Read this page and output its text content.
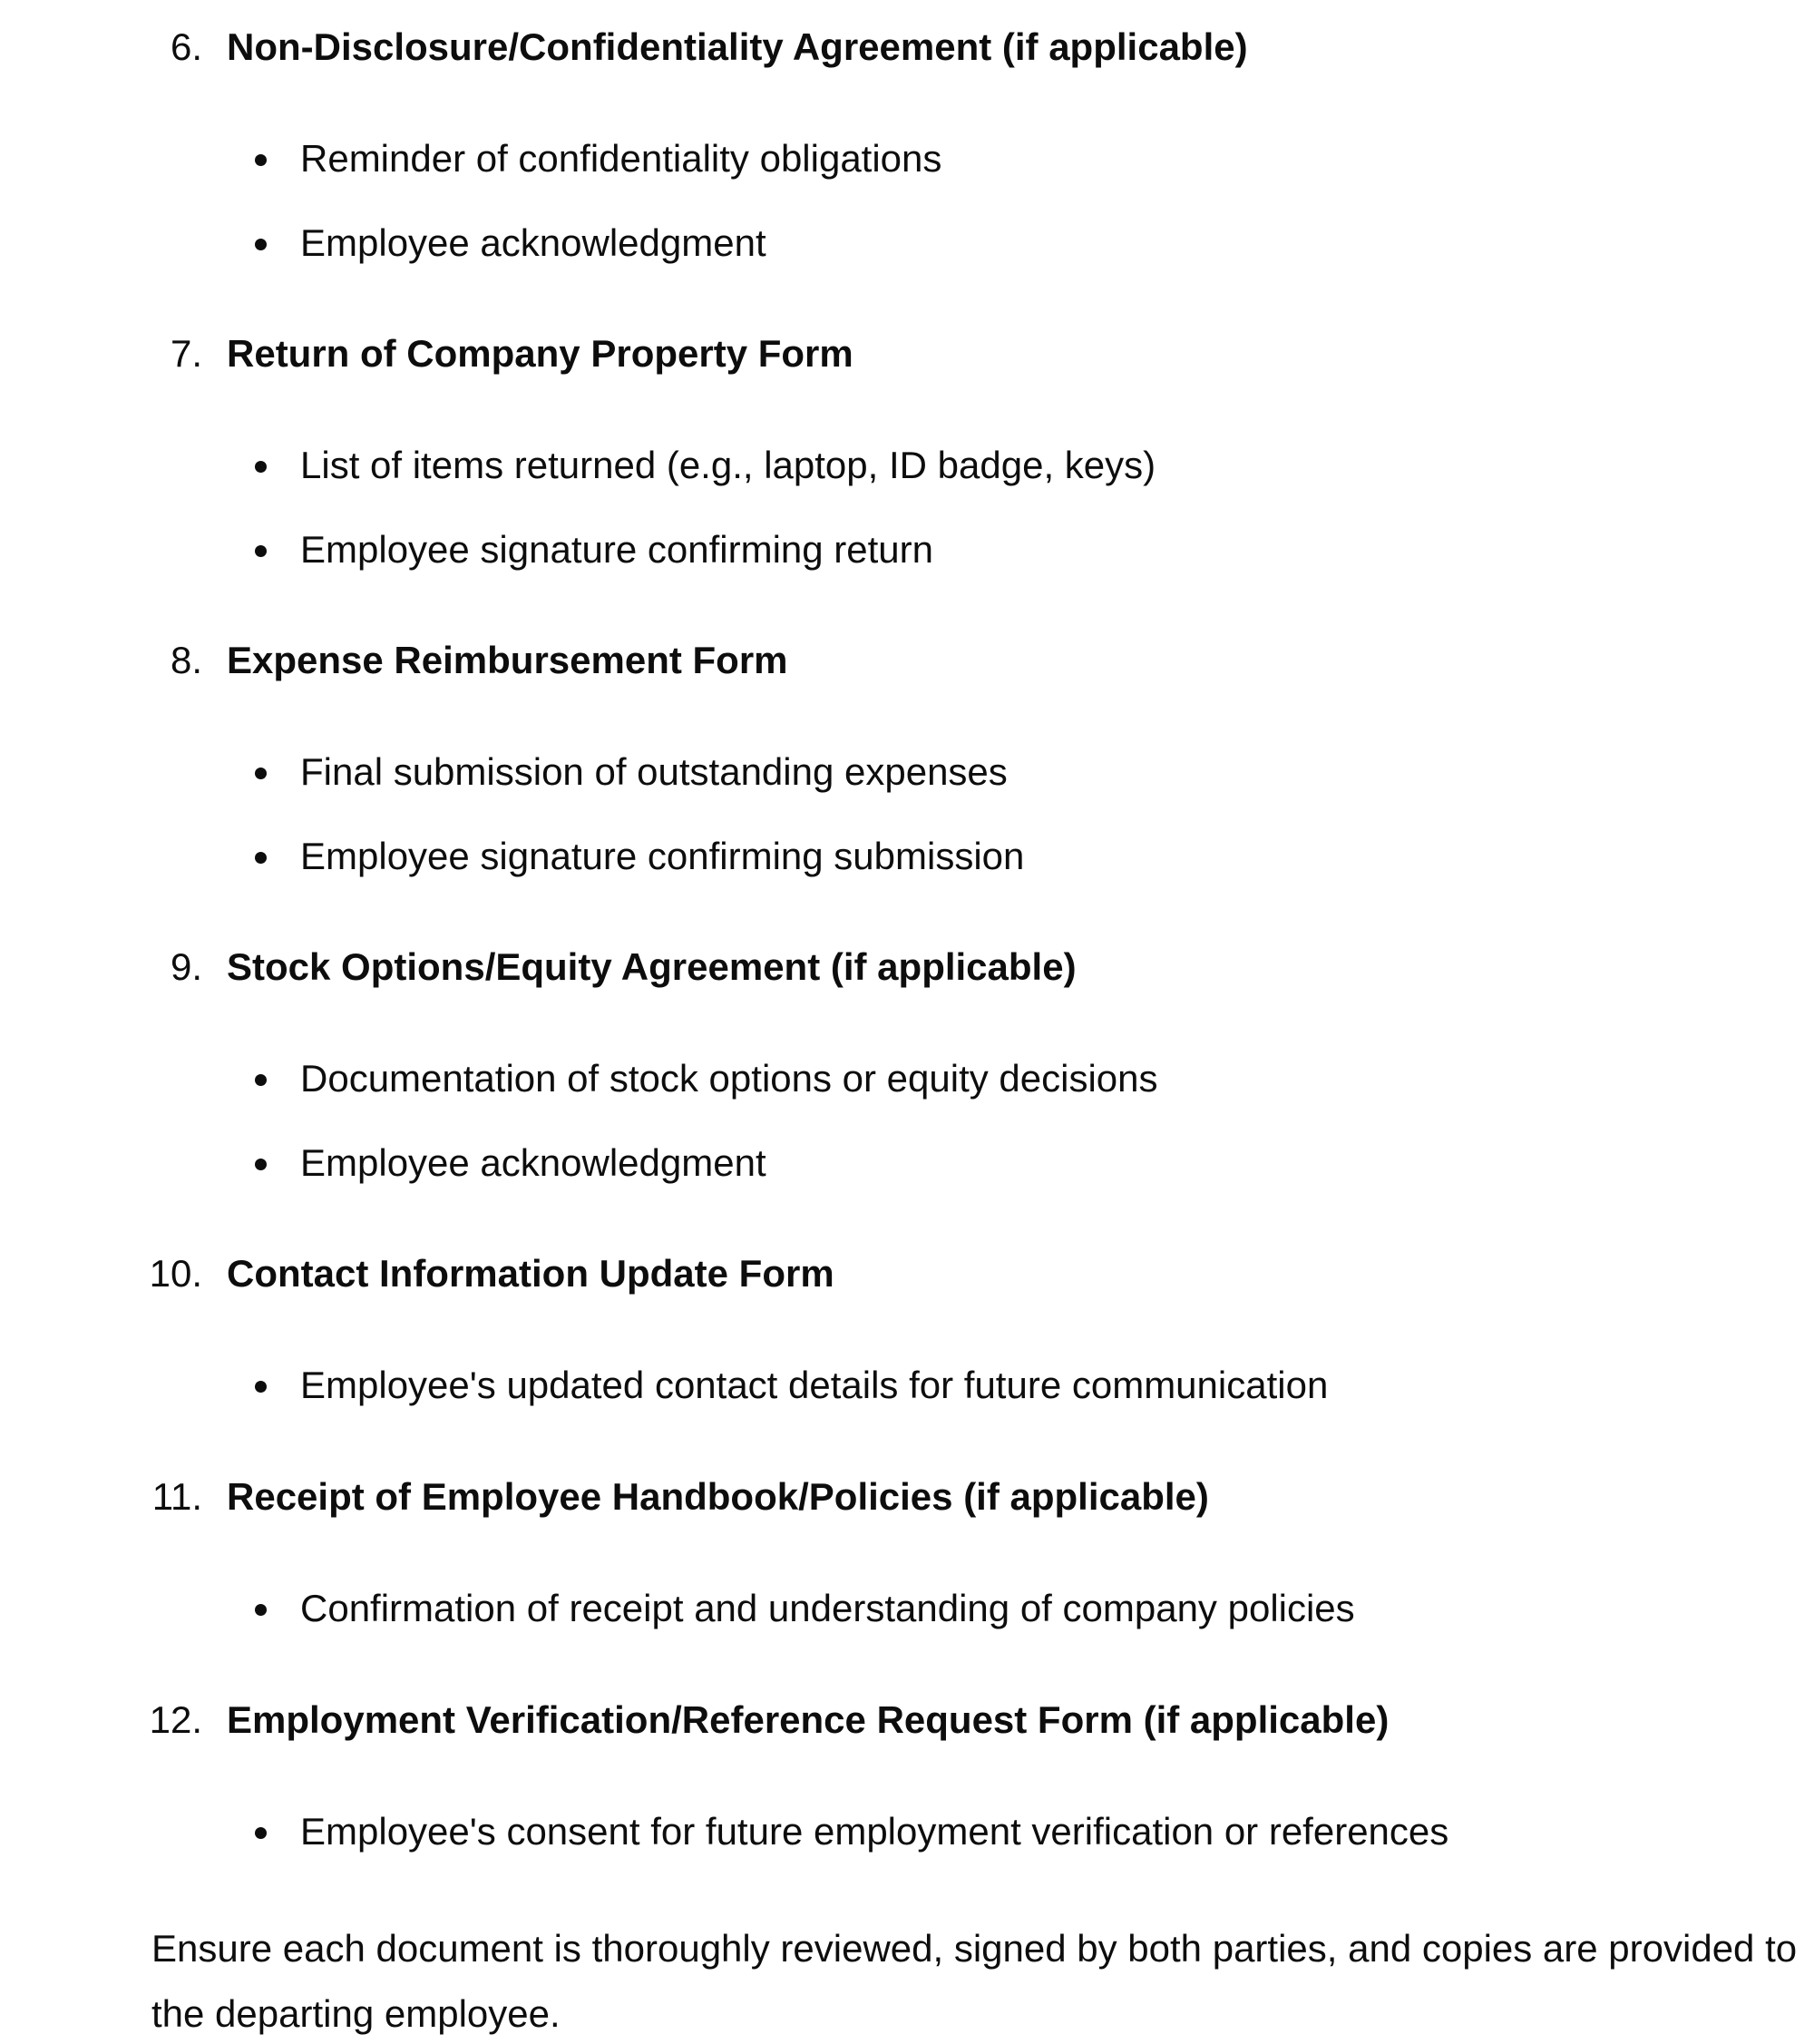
6. Non-Disclosure/Confidentiality Agreement (if applicable)
Reminder of confidentiality obligations
Employee acknowledgment
7. Return of Company Property Form
List of items returned (e.g., laptop, ID badge, keys)
Employee signature confirming return
8. Expense Reimbursement Form
Final submission of outstanding expenses
Employee signature confirming submission
9. Stock Options/Equity Agreement (if applicable)
Documentation of stock options or equity decisions
Employee acknowledgment
10. Contact Information Update Form
Employee's updated contact details for future communication
11. Receipt of Employee Handbook/Policies (if applicable)
Confirmation of receipt and understanding of company policies
12. Employment Verification/Reference Request Form (if applicable)
Employee's consent for future employment verification or references

Ensure each document is thoroughly reviewed, signed by both parties, and copies are provided to the departing employee.
